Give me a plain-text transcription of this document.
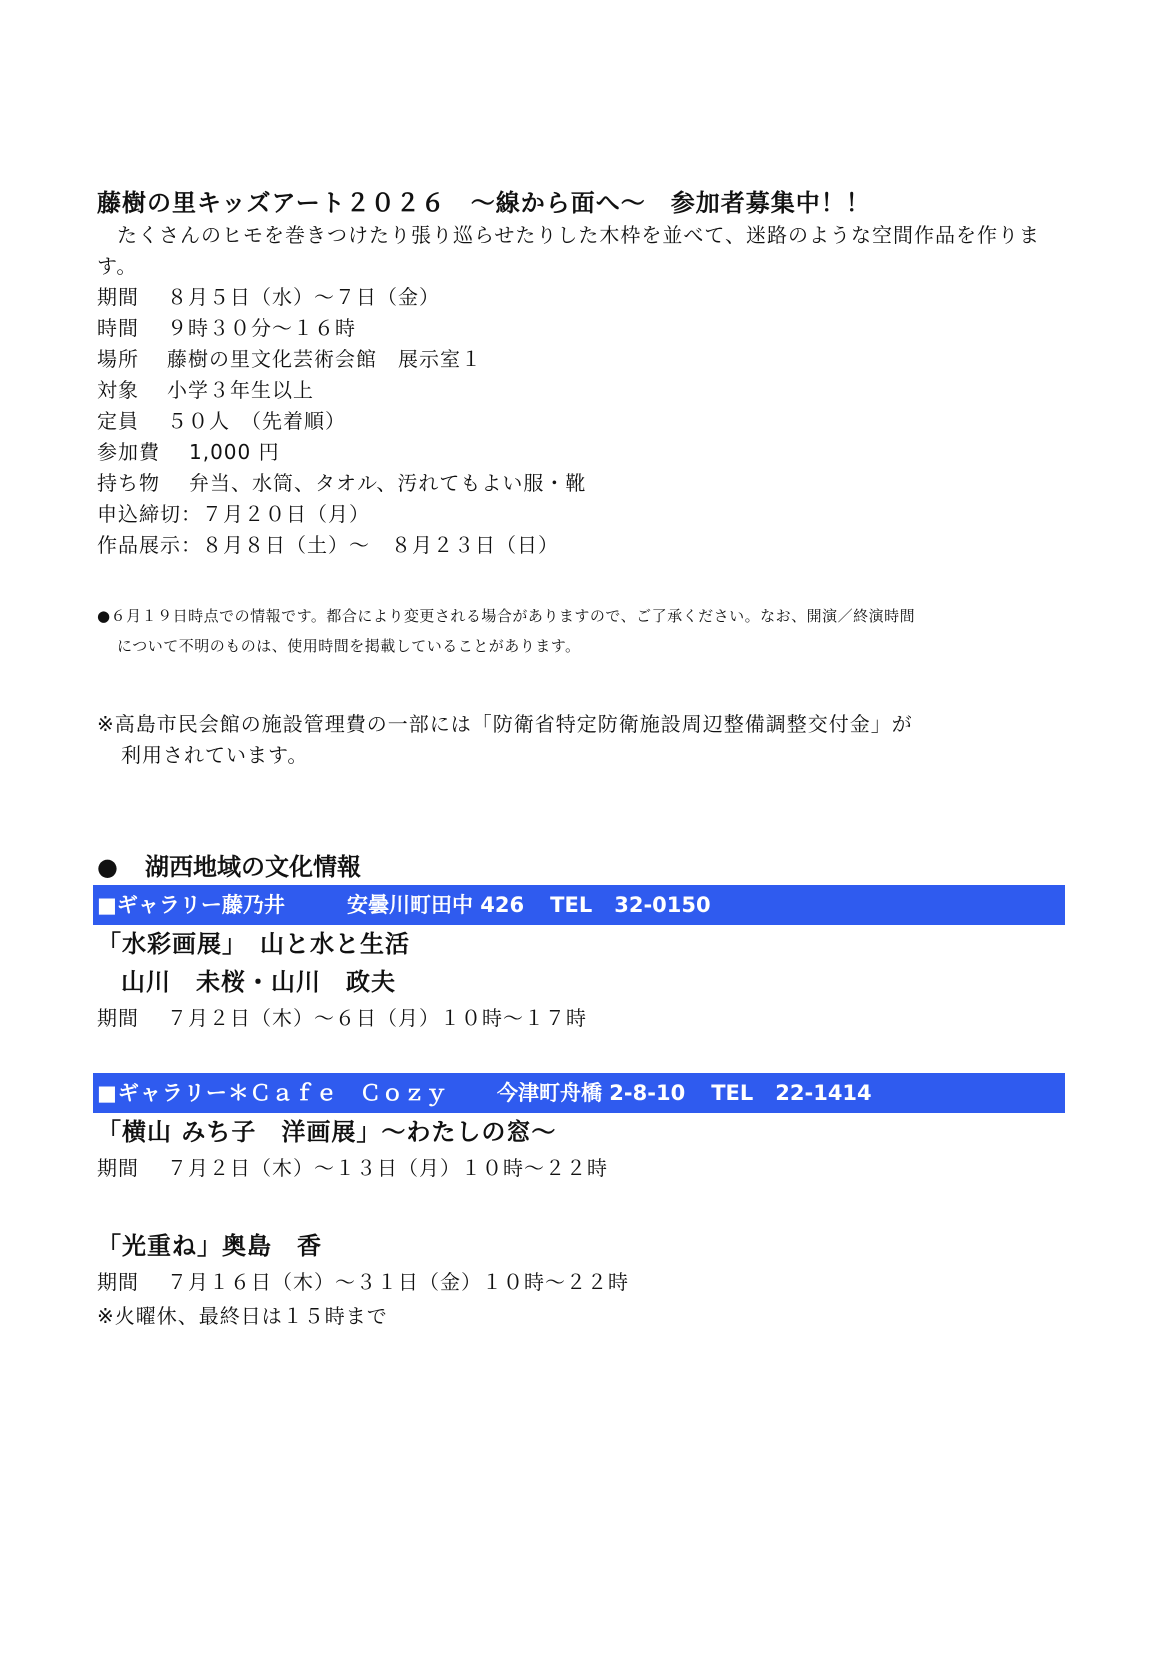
藤樹の里キッズアート２０２６　～線から面へ～　参加者募集中！！
たくさんのヒモを巻きつけたり張り巡らせたりした木枠を並べて、迷路のような空間作品を作ります。
期間 ８月５日（水）～７日（金）
時間 ９時３０分～１６時
場所 藤樹の里文化芸術会館　展示室１
対象 小学３年生以上
定員 ５０人　（先着順）
参加費 1,000 円
持ち物 弁当、水筒、タオル、汚れてもよい服・靴
申込締切：７月２０日（月）
作品展示：８月８日（土）～　８月２３日（日）
●６月１９日時点での情報です。都合により変更される場合がありますので、ご了承ください。なお、開演／終演時間
について不明のものは、使用時間を掲載していることがあります。
※高島市民会館の施設管理費の一部には「防衛省特定防衛施設周辺整備調整交付金」が
利用されています。
● 湖西地域の文化情報
■ギャラリー藤乃井	安曇川町田中 426 TEL 32-0150
「水彩画展」　山と水と生活
山川　未桜・山川　政夫
期間 ７月２日（木）～６日（月）１０時～１７時
■ギャラリー＊Ｃａｆｅ　Ｃｏｚｙ 今津町舟橋 2-8-10 TEL 22-1414
「横山 みち子　洋画展」～わたしの窓～
期間 ７月２日（木）～１３日（月）１０時～２２時
「光重ね」奥島　香
期間 ７月１６日（木）～３１日（金）１０時～２２時
※火曜休、最終日は１５時まで
